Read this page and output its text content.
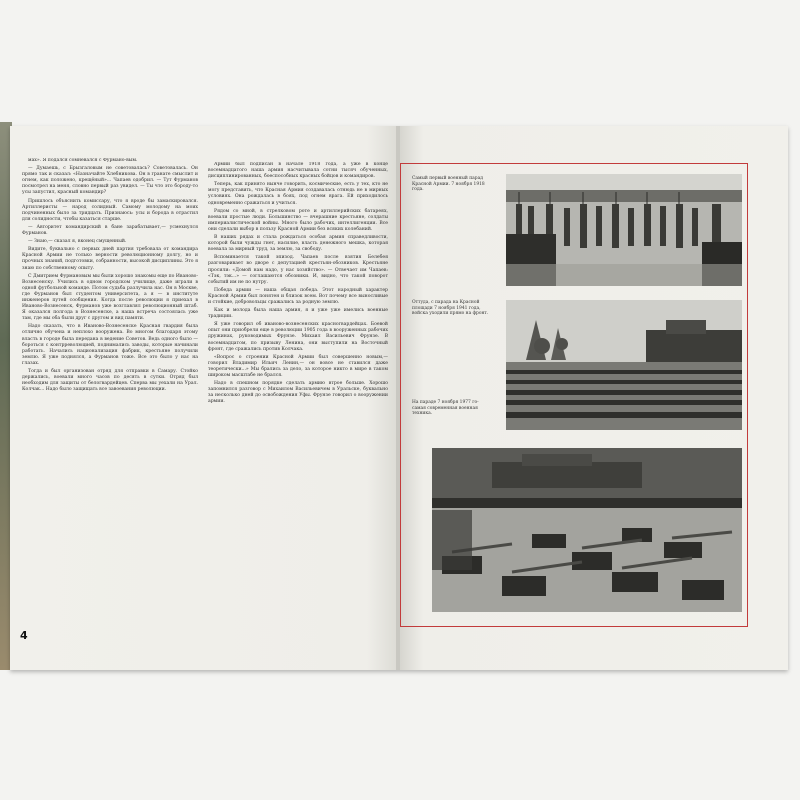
мах». Я подался сомневался с Фурмано-вым.

— Думаешь, с Брызгаловым не советовалась? Советовалась. Он прямо так и сказал: «Назначайте Хлебникова. Он в гранате смыслит и огнем, как положено, крещёный»... Чапаев одобрил. — Тут Фурманов посмотрел на меня, словно первый раз увидел. — Ты что это бороду-то усы запустил, красный командир?

Пришлось объяснить комиссару, что я вроде бы замаскировался. Артиллеристы — народ солидный. Самому молодому на моих подчиненных было за тридцать. Признаюсь: усы и борода в отрастил для солидности, чтобы казаться старше.

— Авторитет командирский в бане зарабатывает,— усмехнулся Фурманов.

— Знаю,— сказал я, вконец смущенный.

Видите, буквально с первых дней партия требовала от командира Красной Армии не только верности революционному долгу, но и прочных знаний, подготовки, собранности, высокой дисциплины. Это я знаю по собственному опыту.

С Дмитрием Фурмановым мы были хорошо знакомы еще по Иваново-Вознесенску. Учились в одном городском училище, даже играли в одной футбольной команде. Потом судьба разлучила нас. Он в Москве, где Фурманов был студентом университета, а я — в институте инженеров путей сообщения. Когда после революции я приехал в Иваново-Вознесенск, Фурманов уже возглавлял революционный штаб. Я оказался полгода в Вознесенске, а наша встреча состоялась уже там, где мы оба были друг с другом и вид памяти.

Надо сказать, что в Иваново-Вознесенске Красная гвардия была отлично обучена и неплохо вооружена. Во многом благодаря этому власть в городе была передана в ведение Советов. Ведь одного было — бороться с контрреволюцией, поднимались заводы, которые начинали работать. Начались национализация фабрик, крестьяне получили землю. Я уже поднялся, а Фурманов тоже. Все это было у нас на глазах.

Тогда и был организован отряд для отправки в Самару. Стойко держались, воевали много часов по десять в сутки. Отряд был необходим для защиты от белогвардейцев. Сперва мы уехали на Урал. Колчак... Надо было защищать все завоевания революции.

Армии был подписан в начале 1918 года, а уже в конце восемнадцатого наша армия насчитывала сотни тысяч обученных, дисциплинированных, боеспособных красных бойцов и командиров.

Теперь, как принято нынче говорить, космические, есть у тех, кто не могу представить, что Красная Армия создавалась отнюдь не в мирных условиях. Она рождалась в боях, под огнем врага. Ей приходилось одновременно сражаться и учиться.

Рядом со мной, в стрелковом роте и артиллерийских батареях, воевали простые люди. Большинство — вчерашние крестьяне, солдаты империалистической войны. Много было рабочих, интеллигенции. Все они сделали выбор в пользу Красной Армии без всяких колебаний.

В наших рядах и стала рождаться особая армия справедливости, которой были чужды гнет, насилие, власть денежного мешка, которая воевала за мирный труд, за землю, за свободу.

Вспоминается такой эпизод. Чапаев после взятия Белебея разговаривает во дворе с депутацией крестьян-обозников. Крестьяне просили: «Домой нам надо, у нас хозяйство». — Отвечает им Чапаев: «Тэк, тэк...» — соглашаются обозники. И, видно, что такой поворот событий им не по нутру.

Победа армии — наша общая победа. Этот народный характер Красной Армии был понятен и близок всем. Вот почему все выносливые и стойкие, добровольцы сражались за родную землю.

Как и молода была наша армия, я и уже уже имелись военные традиции.

Я уже говорил об иваново-вознесенских красногвардейцах. Боевой опыт они приобрели еще в революции 1905 года в вооруженных рабочих дружинах, руководимых Фрунзе. Михаил Васильевич Фрунзе. В восемнадцатом, по призыву Ленина, они выступили на Восточный фронт, где сражались против Колчака.

«Вопрос о строении Красной Армии был совершенно новым,— говорил Владимир Ильич Ленин,— он вовсе не ставился даже теоретически...» Мы брались за дело, за которое никто в мире в таком широком масштабе не брался.

Надо в спешном порядке сделать армию втрое больше. Хорошо запомнился разговор с Михаилом Васильевичем в Уральске, буквально за несколько дней до освобождения Уфы. Фрунзе говорил о вооружении армии.

4
Самый первый военный парад Красной Армии. 7 ноября 1918 года.
Оттуда, с парада на Красной площади 7 ноября 1941 года, войска уходили прямо на фронт.
На параде 7 ноября 1977 го-самая современная военная техника.
